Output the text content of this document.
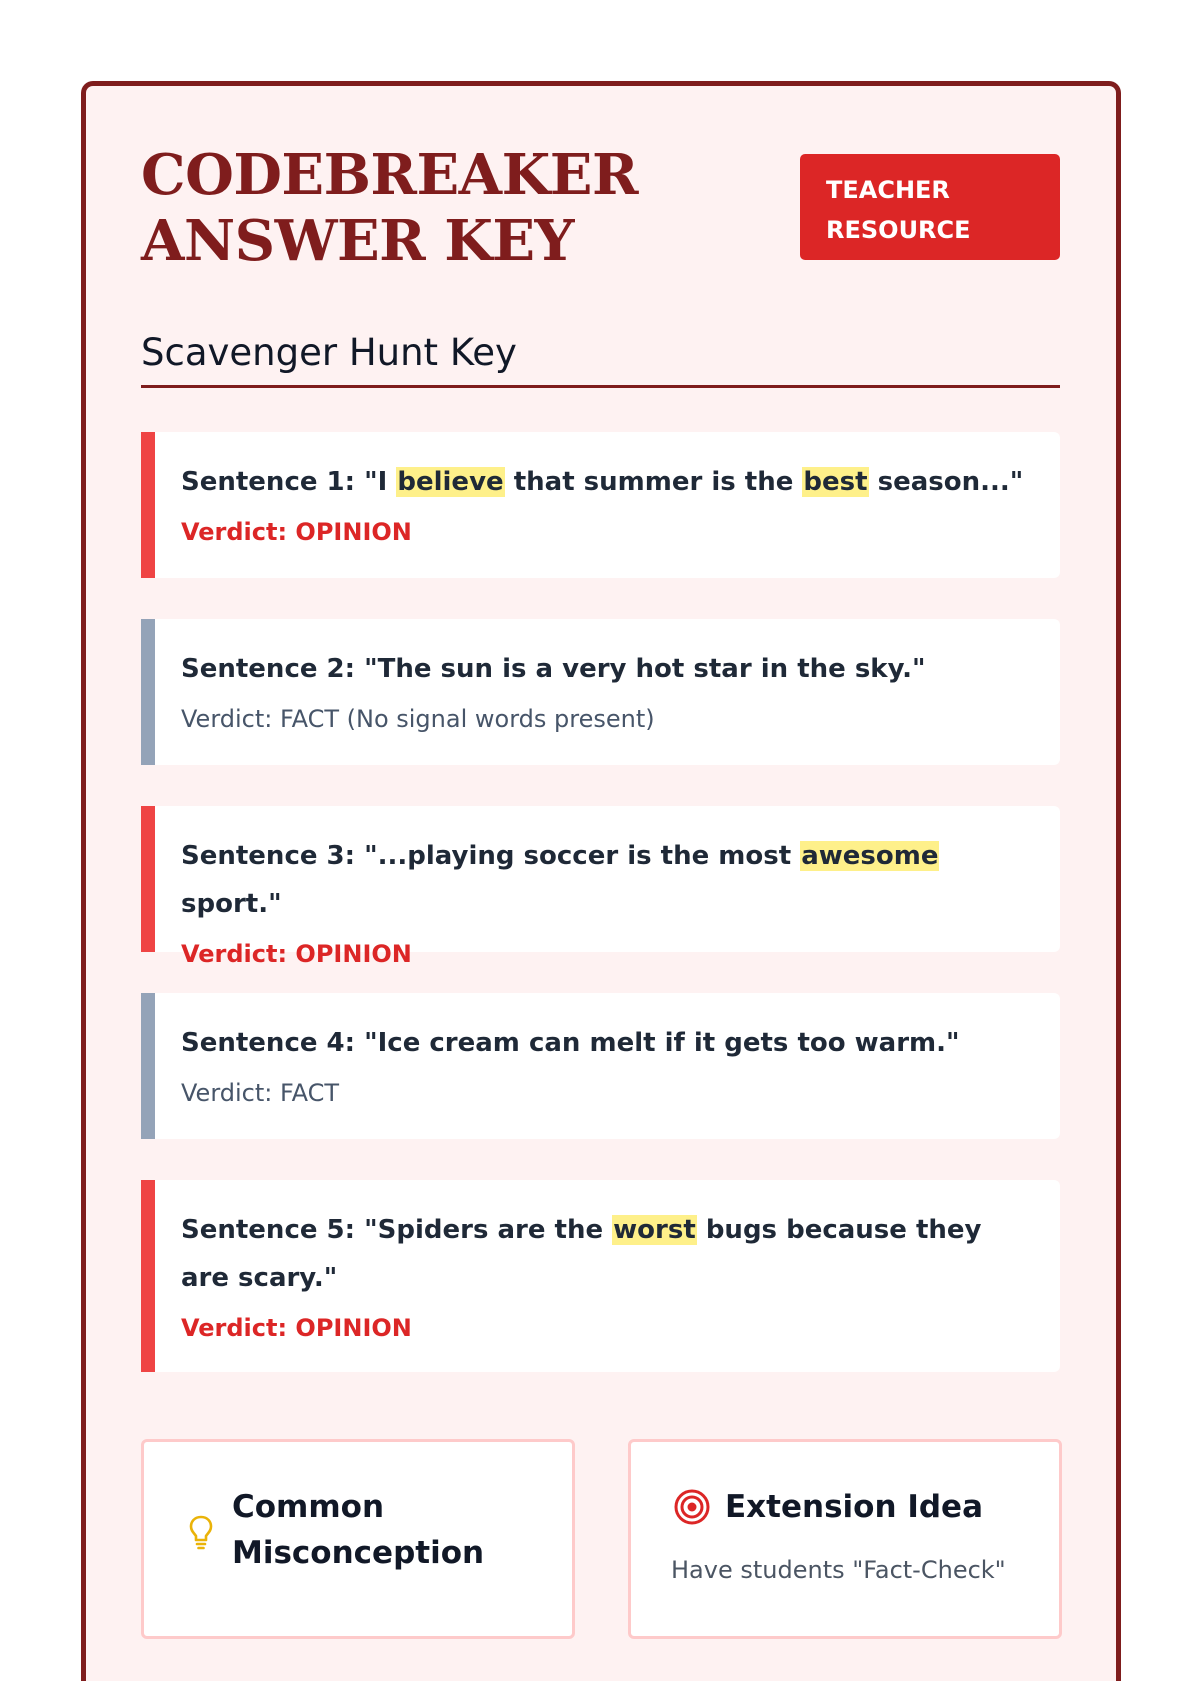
CODEBREAKER
ANSWER KEY
TEACHER
RESOURCE
Scavenger Hunt Key

Sentence 1: "I believe that summer is the best season..."

Verdict: OPINION

Sentence 2: "The sun is a very hot star in the sky."

Verdict: FACT (No signal words present)

Sentence 3: "...playing soccer is the most awesome sport."

Verdict: OPINION

Sentence 4: "Ice cream can melt if it gets too warm."

Verdict: FACT

Sentence 5: "Spiders are the worst bugs because they are scary."

Verdict: OPINION
Common
Misconception
Extension Idea
Have students "Fact-Check"
